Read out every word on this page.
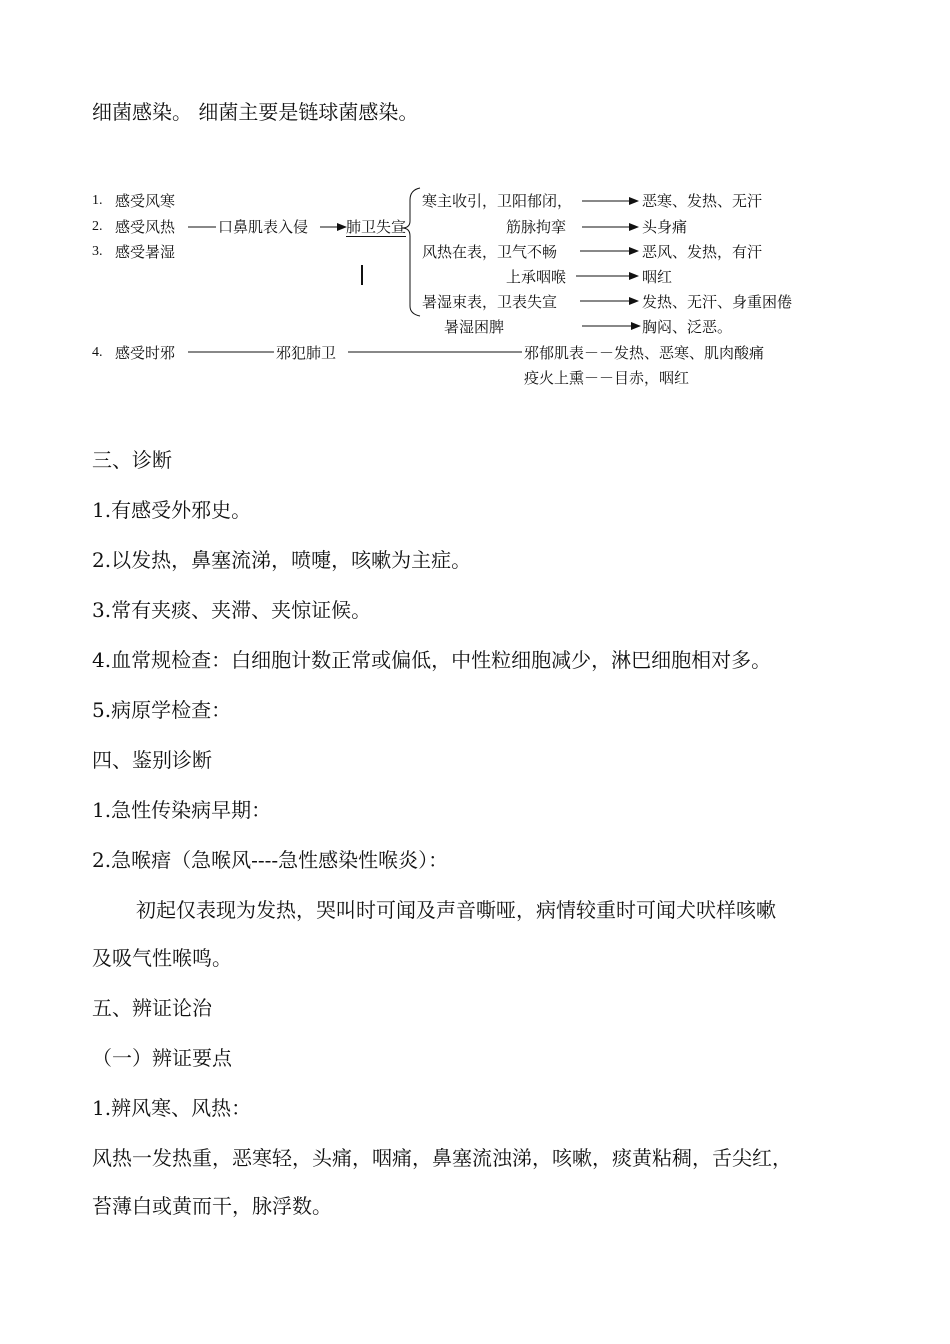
细菌感染。 细菌主要是链球菌感染。
1. 感受风寒
2. 感受风热
3. 感受暑湿
4. 感受时邪
口鼻肌表入侵	肺卫失宣
寒主收引，卫阳郁闭，
筋脉拘挛
风热在表，卫气不畅
上承咽喉
暑湿束表，卫表失宣
暑湿困脾
恶寒、发热、无汗
头身痛
恶风、发热，有汗
咽红
发热、无汗、身重困倦
胸闷、泛恶。
邪犯肺卫	邪郁肌表－－发热、恶寒、肌肉酸痛
疫火上熏－－目赤，咽红
三、诊断
1.有感受外邪史。
2.以发热，鼻塞流涕，喷嚏，咳嗽为主症。
3.常有夹痰、夹滞、夹惊证候。
4.血常规检查：白细胞计数正常或偏低，中性粒细胞减少，淋巴细胞相对多。
5.病原学检查：
四、鉴别诊断
1.急性传染病早期：
2.急喉瘖（急喉风----急性感染性喉炎）：
初起仅表现为发热，哭叫时可闻及声音嘶哑，病情较重时可闻犬吠样咳嗽
及吸气性喉鸣。
五、辨证论治
（一）辨证要点
1.辨风寒、风热：
风热一发热重，恶寒轻，头痛，咽痛，鼻塞流浊涕，咳嗽，痰黄粘稠，舌尖红，
苔薄白或黄而干，脉浮数。
